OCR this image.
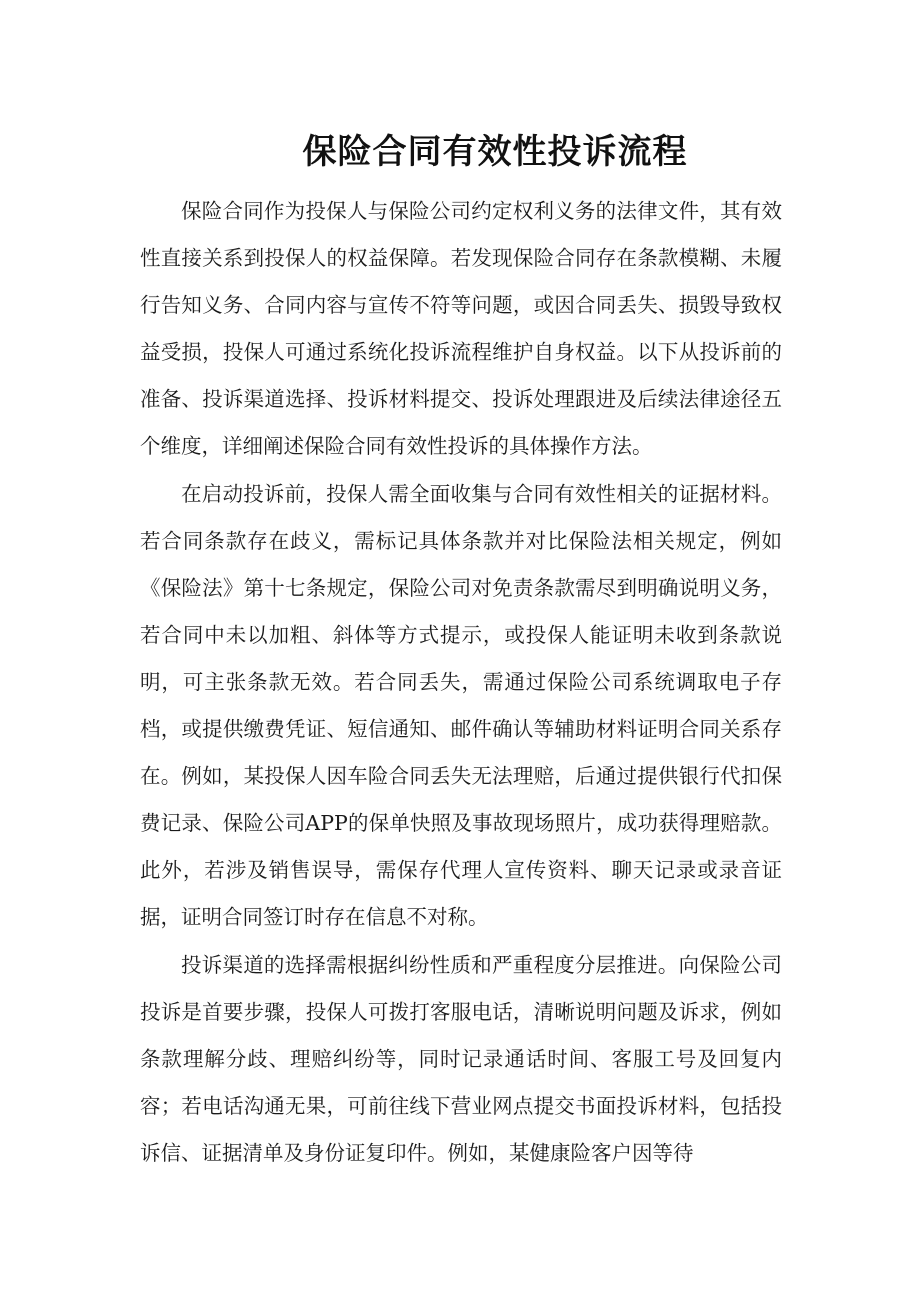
保险合同有效性投诉流程

保险合同作为投保人与保险公司约定权利义务的法律文件，其有效性直接关系到投保人的权益保障。若发现保险合同存在条款模糊、未履行告知义务、合同内容与宣传不符等问题，或因合同丢失、损毁导致权益受损，投保人可通过系统化投诉流程维护自身权益。以下从投诉前的准备、投诉渠道选择、投诉材料提交、投诉处理跟进及后续法律途径五个维度，详细阐述保险合同有效性投诉的具体操作方法。

在启动投诉前，投保人需全面收集与合同有效性相关的证据材料。若合同条款存在歧义，需标记具体条款并对比保险法相关规定，例如《保险法》第十七条规定，保险公司对免责条款需尽到明确说明义务，若合同中未以加粗、斜体等方式提示，或投保人能证明未收到条款说明，可主张条款无效。若合同丢失，需通过保险公司系统调取电子存档，或提供缴费凭证、短信通知、邮件确认等辅助材料证明合同关系存在。例如，某投保人因车险合同丢失无法理赔，后通过提供银行代扣保费记录、保险公司APP的保单快照及事故现场照片，成功获得理赔款。此外，若涉及销售误导，需保存代理人宣传资料、聊天记录或录音证据，证明合同签订时存在信息不对称。

投诉渠道的选择需根据纠纷性质和严重程度分层推进。向保险公司投诉是首要步骤，投保人可拨打客服电话，清晰说明问题及诉求，例如条款理解分歧、理赔纠纷等，同时记录通话时间、客服工号及回复内容；若电话沟通无果，可前往线下营业网点提交书面投诉材料，包括投诉信、证据清单及身份证复印件。例如，某健康险客户因等待
